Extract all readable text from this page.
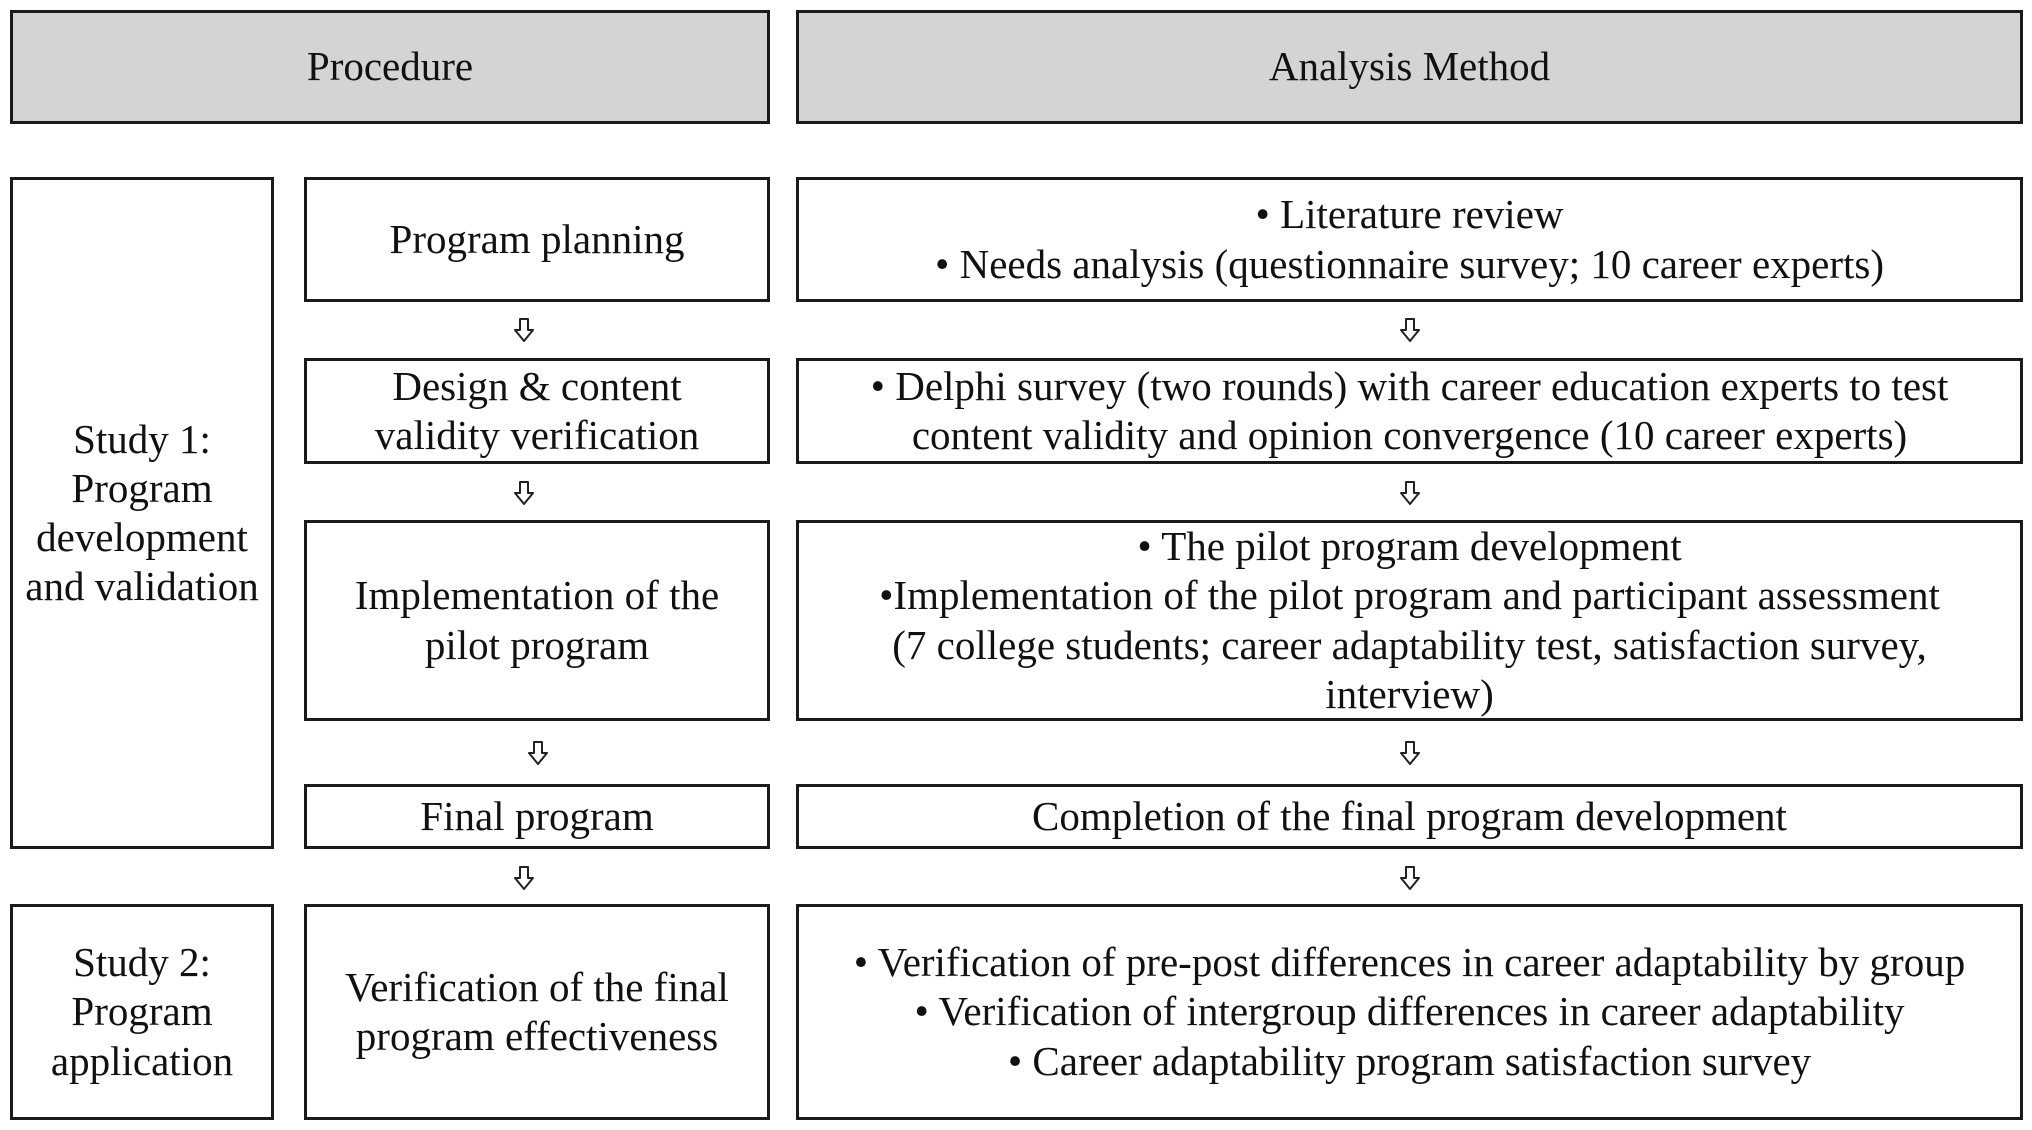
Procedure	Analysis Method
Study 1:
Program
development
and validation
Study 2:
Program
application
Program planning
Design & content
validity verification
Implementation of the
pilot program
Final program
Verification of the final
program effectiveness
• Literature review
• Needs analysis (questionnaire survey; 10 career experts)
• Delphi survey (two rounds) with career education experts to test
content validity and opinion convergence (10 career experts)
• The pilot program development
•Implementation of the pilot program and participant assessment
(7 college students; career adaptability test, satisfaction survey,
interview)
Completion of the final program development
• Verification of pre-post differences in career adaptability by group
• Verification of intergroup differences in career adaptability
• Career adaptability program satisfaction survey
